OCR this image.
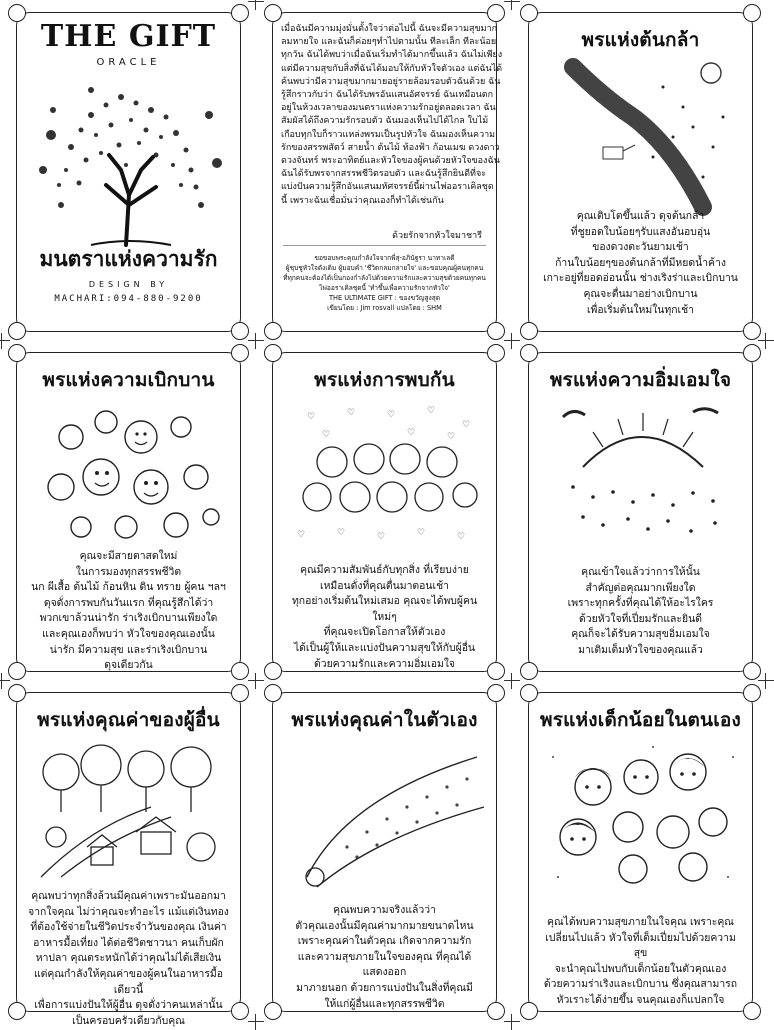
THE GIFT
ORACLE
มนตราแห่งความรัก
DESIGN BY
MACHARI:094-880-9200
เมื่อฉันมีความมุ่งมั่นตั้งใจว่าต่อไปนี้ ฉันจะมีความสุขมาก
ลมหายใจ และฉันก็ค่อยๆทำไปตามนั้น ทีละเล็ก ทีละน้อย
ทุกวัน ฉันได้พบว่าเมื่อฉันเริ่มทำได้มากขึ้นแล้ว ฉันไม่เพียง
แต่มีความสุขกับสิ่งที่ฉันได้มอบให้กับหัวใจตัวเอง แต่ฉันได้
ค้นพบว่ามีความสุขมากมายอยู่รายล้อมรอบตัวฉันด้วย ฉัน
รู้สึกราวกับว่า ฉันได้รับพรอันแสนอัศจรรย์ ฉันเหมือนตก
อยู่ในห้วงเวลาของมนตราแห่งความรักอยู่ตลอดเวลา ฉัน
สัมผัสได้ถึงความรักรอบตัว ฉันมองเห็นไปได้ไกล ใบไม้
เกือบทุกใบก็ราวแหล่งพรมเป็นรูปหัวใจ ฉันมองเห็นความ
รักของสรรพสัตว์ สายน้ำ ต้นไม้ ท้องฟ้า ก้อนเมฆ ดวงดาว
ดวงจันทร์ พระอาทิตย์และหัวใจของผู้คนด้วยหัวใจของฉัน
ฉันได้รับพรจากสรรพชีวิตรอบตัว และฉันรู้สึกยินดีที่จะ
แบ่งปันความรู้สึกอันแสนมหัศจรรย์นี้ผ่านไพ่ออราเคิลชุด
นี้ เพราะฉันเชื่อมั่นว่าคุณเองก็ทำได้เช่นกัน
ด้วยรักจากหัวใจมาชารี
ขอขอบพระคุณกำลังใจจากพี่สุ-อภินัฐรา นาทาเลดี
ผู้ชุบชูหัวใจดังเดิม ผู้มอบคำ 'ชีวิตกลมกลายใจ' และขอบคุณผู้คนทุกคน
ที่ทุกคนจะต้องได้เป็นกองกำลังไปด้วยความรักและความสุขด้วยคนทุกคน
ไพ่ออราเคิลชุดนี้ 'ทำขึ้นเพื่อความรักจากหัวใจ'
THE ULTIMATE GIFT : ของขวัญสูงสุด
เขียนโดย : Jim rosvall แปลโดย : SHM
พรแห่งต้นกล้า
คุณเติบโตขึ้นแล้ว ดุจต้นกล้า
ที่ชูยอดใบน้อยๆรับแสงอันอบอุ่น
ของดวงตะวันยามเช้า
ก้านใบน้อยๆของต้นกล้าที่มีหยดน้ำค้าง
เกาะอยู่ที่ยอดอ่อนนั้น ช่างเริงร่าและเบิกบาน
คุณจะตื่นมาอย่างเบิกบาน
เพื่อเริ่มต้นใหม่ในทุกเช้า
พรแห่งความเบิกบาน
คุณจะมีสายตาสดใหม่
ในการมองทุกสรรพชีวิต
นก ผีเสื้อ ต้นไม้ ก้อนหิน ดิน ทราย ผู้คน ฯลฯ
ดุจดั่งการพบกันวันแรก ที่คุณรู้สึกได้ว่า
พวกเขาล้วนน่ารัก ร่าเริงเบิกบานเพียงใด
และคุณเองก็พบว่า หัวใจของคุณเองนั้น
น่ารัก มีความสุข และร่าเริงเบิกบาน
ดุจเดียวกัน
พรแห่งการพบกัน
♡	♡	♡	♡
♡
♡	♡	♡	♡	♡
♡	♡	♡
คุณมีความสัมพันธ์กับทุกสิ่ง ที่เรียบง่าย
เหมือนดั่งที่คุณตื่นมาตอนเช้า
ทุกอย่างเริ่มต้นใหม่เสมอ คุณจะได้พบผู้คนใหม่ๆ
ที่คุณจะเปิดโอกาสให้ตัวเอง
ได้เป็นผู้ให้และแบ่งปันความสุขให้กับผู้อื่น
ด้วยความรักและความอิ่มเอมใจ
พรแห่งความอิ่มเอมใจ
คุณเข้าใจแล้วว่าการให้นั้น
สำคัญต่อคุณมากเพียงใด
เพราะทุกครั้งที่คุณได้ให้อะไรใคร
ด้วยหัวใจที่เปี่ยมรักและยินดี
คุณก็จะได้รับความสุขอิ่มเอมใจ
มาเติมเต็มหัวใจของคุณแล้ว
พรแห่งคุณค่าของผู้อื่น
คุณพบว่าทุกสิ่งล้วนมีคุณค่าเพราะมันออกมา
จากใจคุณ ไม่ว่าคุณจะทำอะไร แม้แต่เงินทอง
ที่ต้องใช้จ่ายในชีวิตประจำวันของคุณ เงินค่า
อาหารมื้อเที่ยง ได้ต่อชีวิตชาวนา คนเก็บผัก
หาปลา คุณตระหนักได้ว่าคุณไม่ได้เสียเงิน
แต่คุณกำลังให้คุณค่าของผู้คนในอาหารมื้อเดียวนี้
เพื่อการแบ่งปันให้ผู้อื่น ดุจดั่งว่าคนเหล่านั้น
เป็นครอบครัวเดียวกับคุณ
พรแห่งคุณค่าในตัวเอง
คุณพบความจริงแล้วว่า
ตัวคุณเองนั้นมีคุณค่ามากมายขนาดไหน
เพราะคุณค่าในตัวคุณ เกิดจากความรัก
และความสุขภายในใจของคุณ ที่คุณได้แสดงออก
มาภายนอก ด้วยการแบ่งปันในสิ่งที่คุณมี
ให้แก่ผู้อื่นและทุกสรรพชีวิต
พรแห่งเด็กน้อยในตนเอง
คุณได้พบความสุขภายในใจคุณ เพราะคุณ
เปลี่ยนไปแล้ว หัวใจที่เต็มเปี่ยมไปด้วยความสุข
จะนำคุณไปพบกับเด็กน้อยในตัวคุณเอง
ด้วยความร่าเริงและเบิกบาน ซึ่งคุณสามารถ
หัวเราะได้ง่ายขึ้น จนคุณเองก็แปลกใจ
